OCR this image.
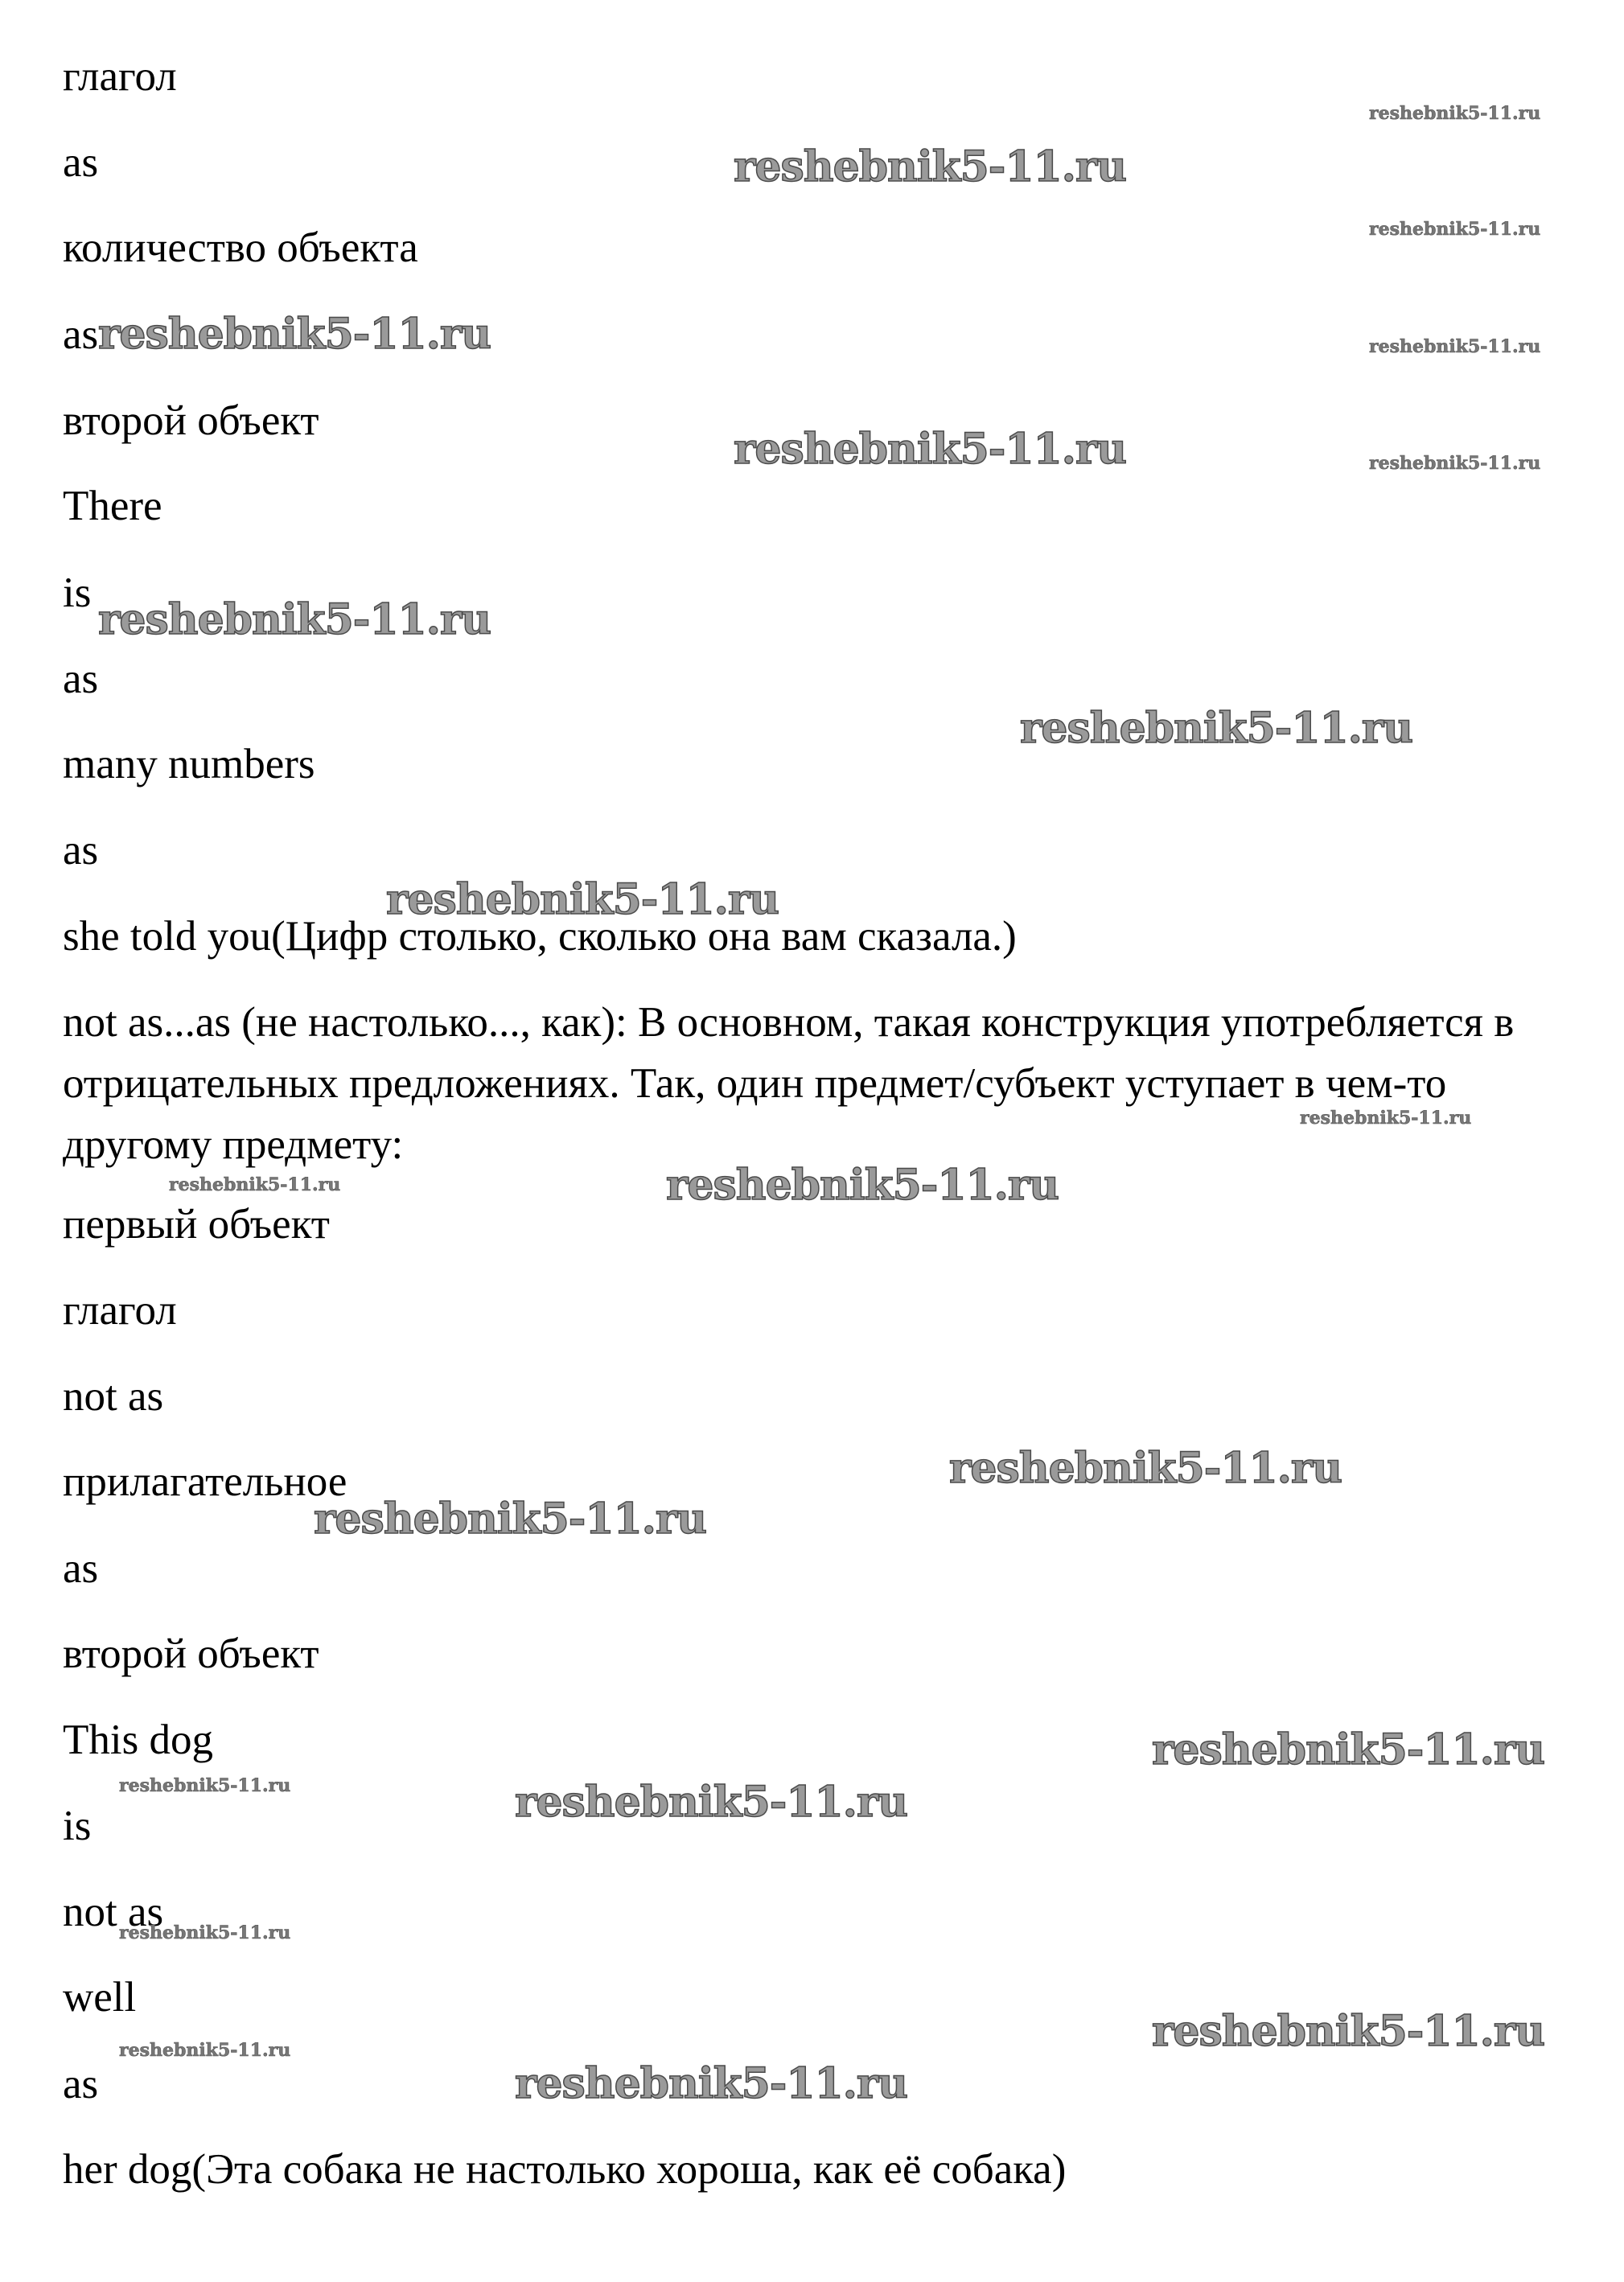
глагол
as
количество объекта
as
второй объект
There
is
as
many numbers
as
she told you(Цифр столько, сколько она вам сказала.)
not as...as (не настолько..., как): В основном, такая конструкция употребляется в отрицательных предложениях. Так, один предмет/субъект уступает в чем-то другому предмету:
первый объект
глагол
not as
прилагательное
as
второй объект
This dog
is
not as
well
as
her dog(Эта собака не настолько хороша, как её собака)
reshebnik5-11.ru
reshebnik5-11.ru
reshebnik5-11.ru
reshebnik5-11.ru
reshebnik5-11.ru
reshebnik5-11.ru
reshebnik5-11.ru
reshebnik5-11.ru
reshebnik5-11.ru
reshebnik5-11.ru
reshebnik5-11.ru
reshebnik5-11.ru
reshebnik5-11.ru
reshebnik5-11.ru
reshebnik5-11.ru
reshebnik5-11.ru
reshebnik5-11.ru
reshebnik5-11.ru
reshebnik5-11.ru
reshebnik5-11.ru
reshebnik5-11.ru
reshebnik5-11.ru
